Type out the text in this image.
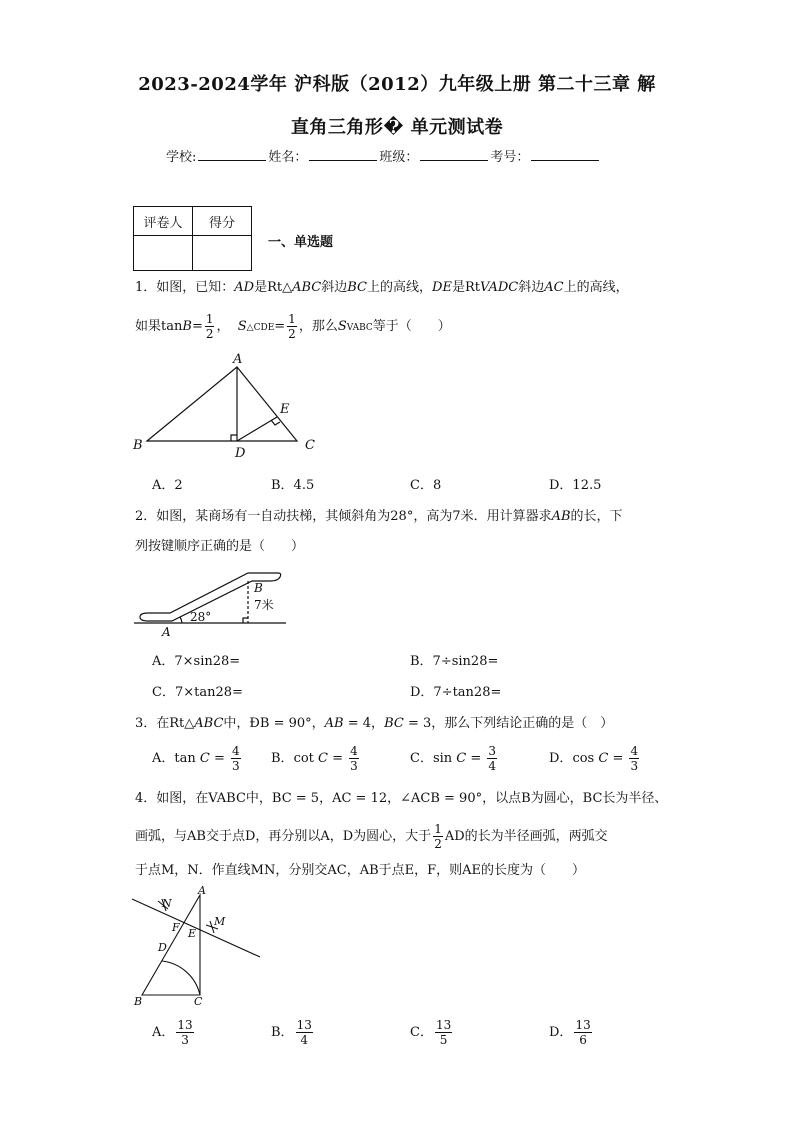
2023-2024学年 沪科版（2012）九年级上册 第二十三章 解
直角三角形� 单元测试卷
学校:	姓名：	班级：	考号：
评卷人	得分

一、单选题
1．如图，已知：AD是Rt△ABC斜边BC上的高线，DE是RtVADC斜边AC上的高线，
如果$\tan B= \frac{1}{2}$ ， S△CDE= $\frac{1}{2}$ ，那么SVABC等于（　　）
A
B	C
D
E
A．2	B．4.5	C．8	D．12.5
2．如图，某商场有一自动扶梯，其倾斜角为28°，高为7米．用计算器求AB的长，下
列按键顺序正确的是（　　）
28°
7米
A
B
A．7×sin28=	B．7÷sin28=
C．7×tan28=	D．7÷tan28=
3．在Rt△ABC中，ÐB = 90°，AB = 4，BC = 3，那么下列结论正确的是（　）
A．$\tan C = \frac{4}{3}$ B．$\cot C = \frac{4}{3}$	C．$\sin C = \frac{3}{4}$	D．$\cos C = \frac{4}{3}$
4．如图，在VABC中，BC = 5，AC = 12，∠ACB = 90°，以点B为圆心，BC长为半径、
画弧，与AB交于点D，再分别以A，D为圆心，大于 $\frac{1}{2}$ AD的长为半径画弧，两弧交
于点M，N．作直线MN，分别交AC，AB于点E，F，则AE的长度为（　　）
A
B	C
D
E
F	M
N
A． $\frac{13}{3}$	B． $\frac{13}{4}$	C． $\frac{13}{5}$	D． $\frac{13}{6}$
